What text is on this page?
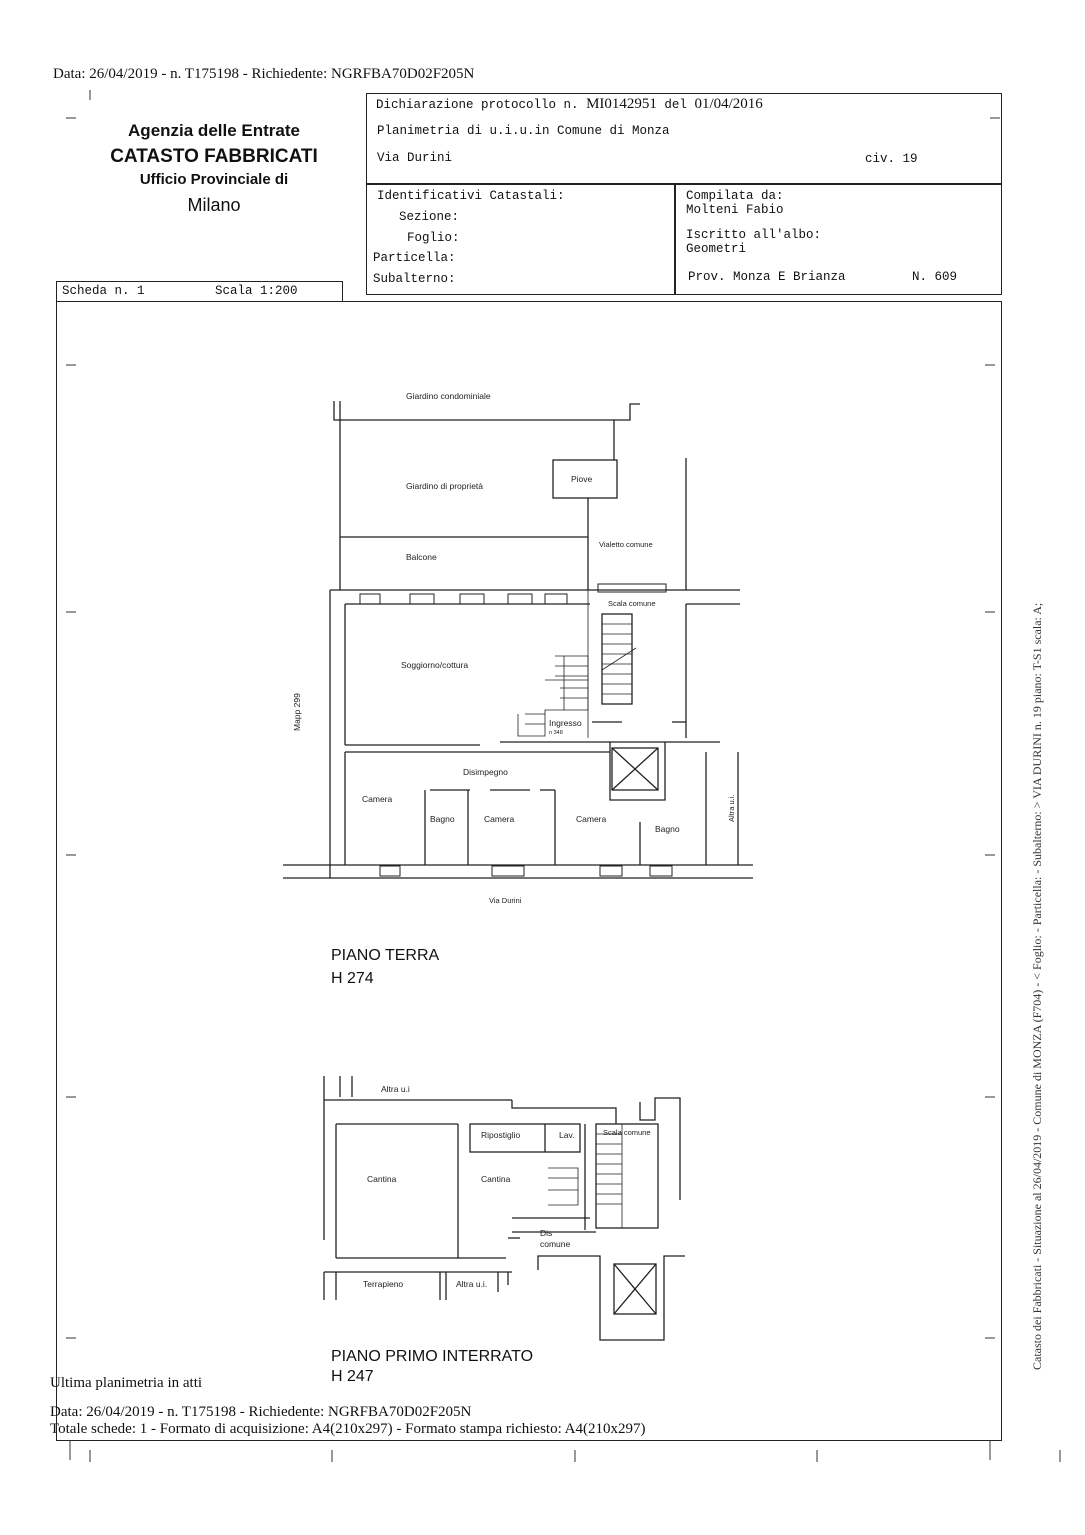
Data: 26/04/2019 - n. T175198 - Richiedente: NGRFBA70D02F205N
Agenzia delle Entrate
CATASTO FABBRICATI
Ufficio Provinciale di
Milano
Dichiarazione protocollo n. MI0142951 del 01/04/2016
Planimetria di u.i.u.in Comune di Monza
Via Durini	civ. 19
Identificativi Catastali:
Sezione:
Foglio:
Particella:
Subalterno:
Compilata da:
Molteni Fabio
Iscritto all'albo:
Geometri
Prov. Monza E Brianza	N. 609
Scheda n. 1	Scala 1:200
Giardino condominiale
Giardino di proprietà
Piove
Vialetto comune
Balcone
Scala comune
Soggiorno/cottura
Ingresso
n 348
Mapp 299
Disimpegno
Camera
Bagno	Camera	Camera
Bagno
Altra u.i.
Via Durini
Altra u.i
Ripostiglio	Lav.	Scala comune
Cantina	Cantina
Dis
comune
Terrapieno	Altra u.i.
PIANO TERRA
H 274
PIANO PRIMO INTERRATO
H 247
Ultima planimetria in atti
Data: 26/04/2019 - n. T175198 - Richiedente: NGRFBA70D02F205N
Totale schede: 1 - Formato di acquisizione: A4(210x297) - Formato stampa richiesto: A4(210x297)
Catasto dei Fabbricati - Situazione al 26/04/2019 - Comune di MONZA (F704) - < Foglio: - Particella: - Subalterno: > VIA DURINI n. 19 piano: T-S1 scala: A;
